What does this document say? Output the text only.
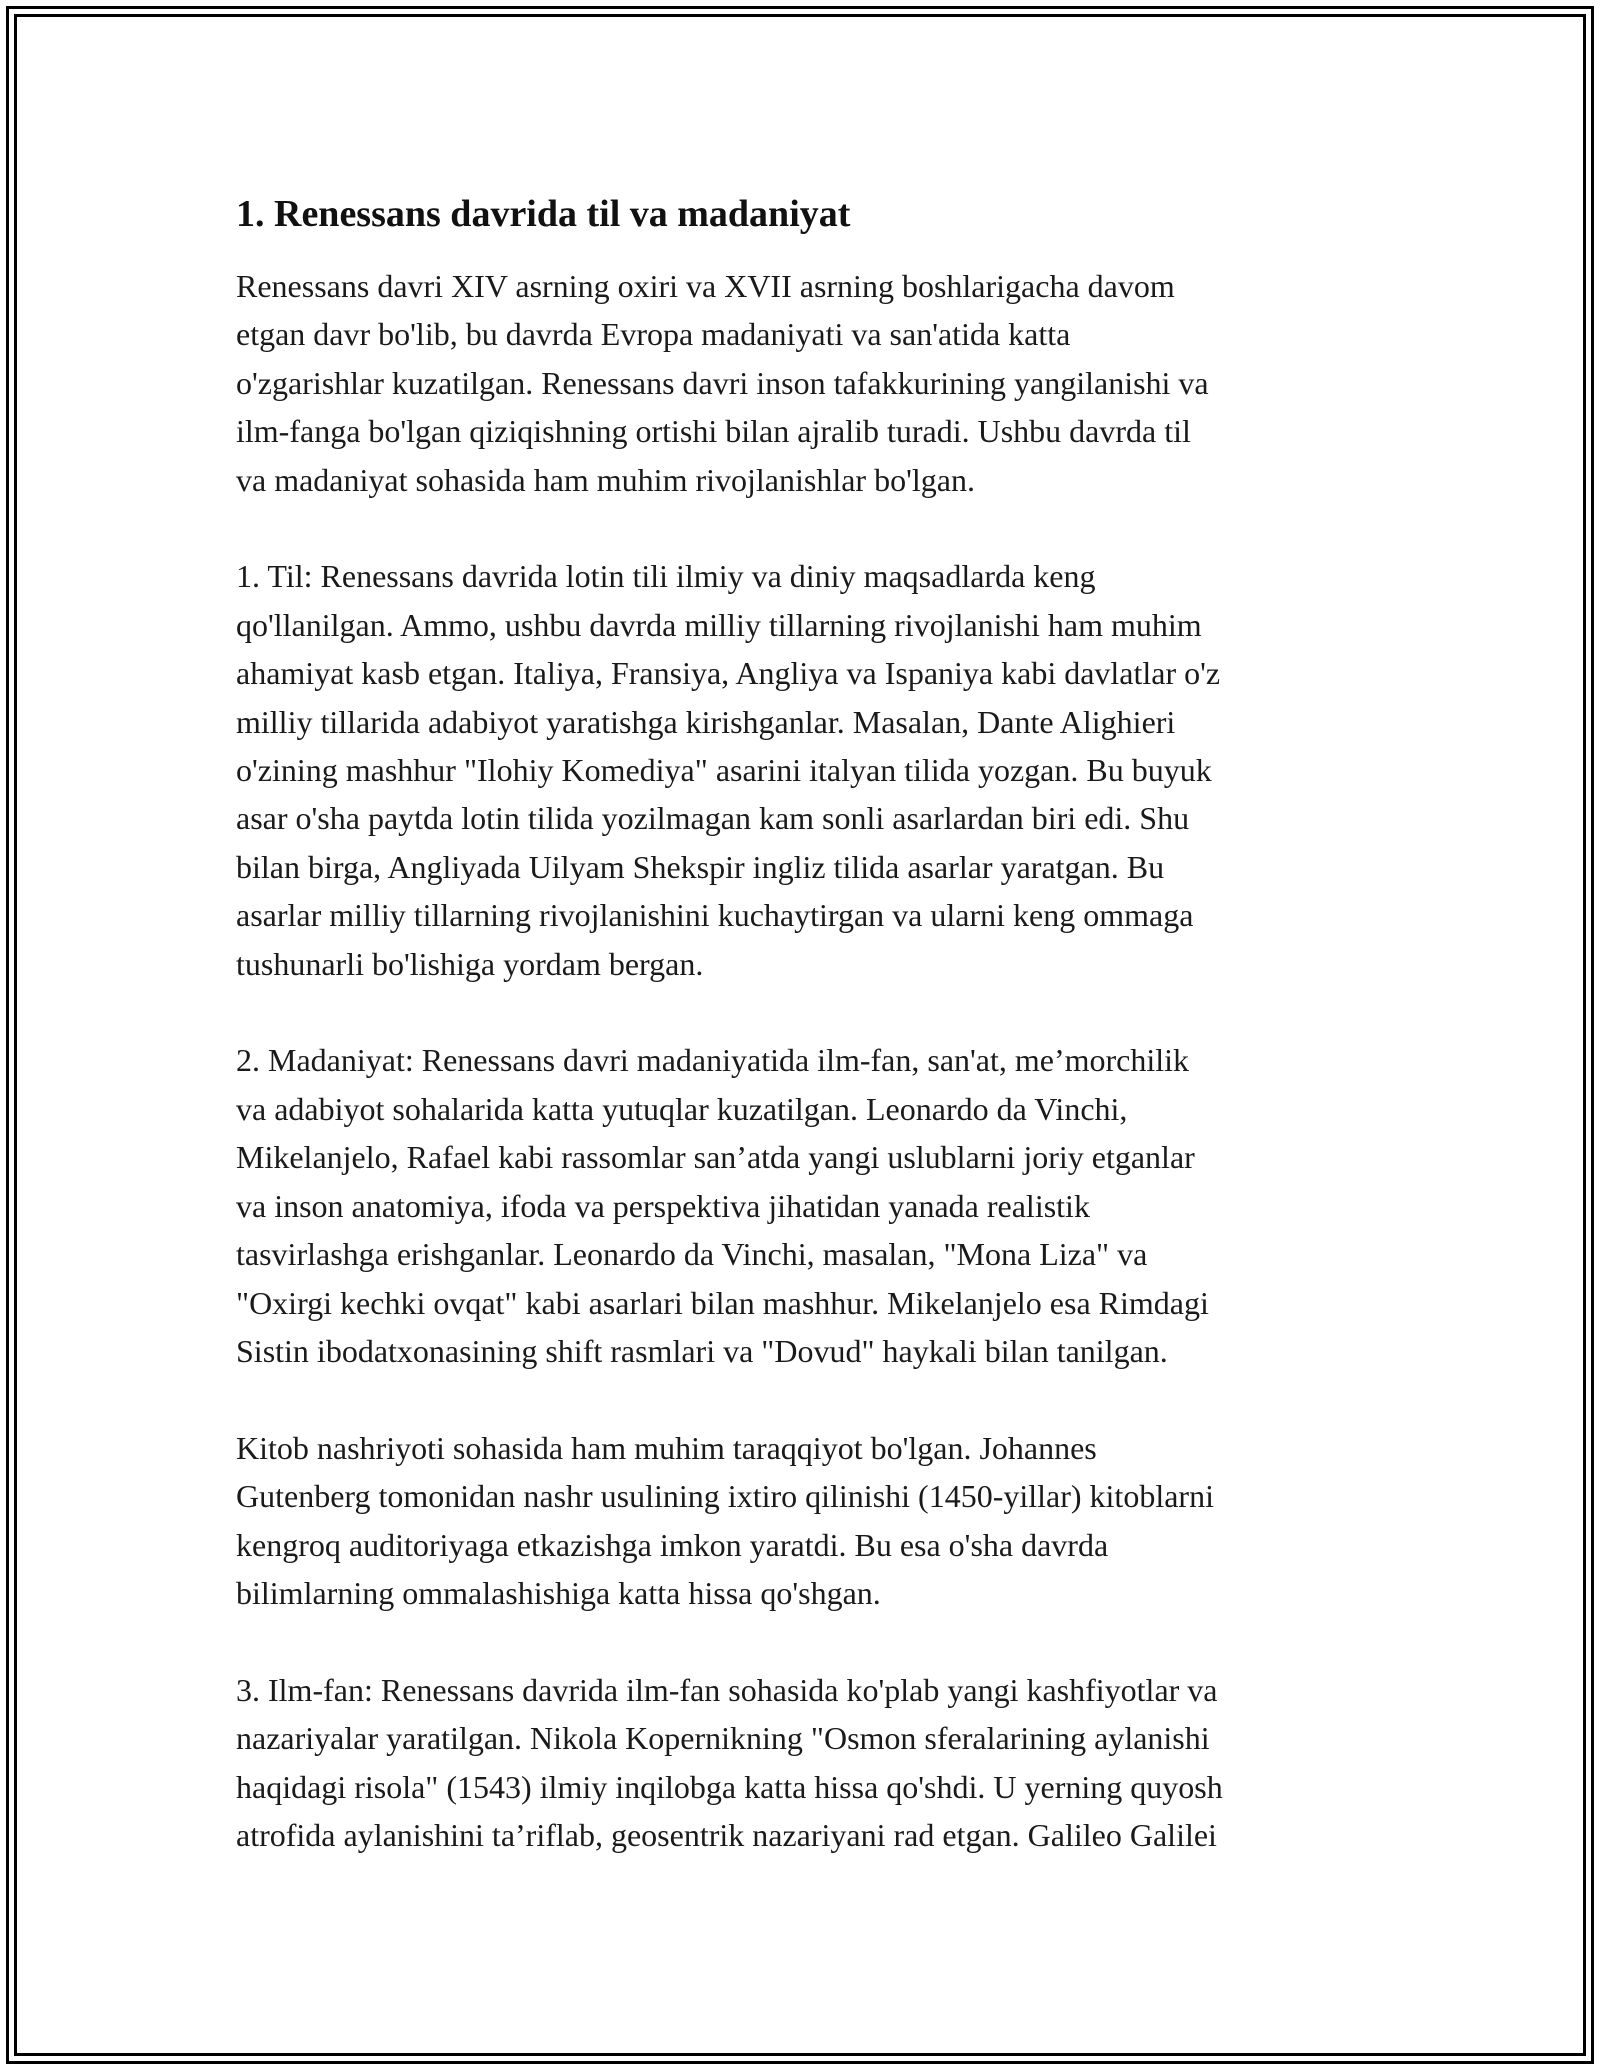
1. Renessans davrida til va madaniyat

Renessans davri XIV asrning oxiri va XVII asrning boshlarigacha davom
etgan davr bo'lib, bu davrda Evropa madaniyati va san'atida katta
o'zgarishlar kuzatilgan. Renessans davri inson tafakkurining yangilanishi va
ilm-fanga bo'lgan qiziqishning ortishi bilan ajralib turadi. Ushbu davrda til
va madaniyat sohasida ham muhim rivojlanishlar bo'lgan.

1. Til: Renessans davrida lotin tili ilmiy va diniy maqsadlarda keng
qo'llanilgan. Ammo, ushbu davrda milliy tillarning rivojlanishi ham muhim
ahamiyat kasb etgan. Italiya, Fransiya, Angliya va Ispaniya kabi davlatlar o'z
milliy tillarida adabiyot yaratishga kirishganlar. Masalan, Dante Alighieri
o'zining mashhur "Ilohiy Komediya" asarini italyan tilida yozgan. Bu buyuk
asar o'sha paytda lotin tilida yozilmagan kam sonli asarlardan biri edi. Shu
bilan birga, Angliyada Uilyam Shekspir ingliz tilida asarlar yaratgan. Bu
asarlar milliy tillarning rivojlanishini kuchaytirgan va ularni keng ommaga
tushunarli bo'lishiga yordam bergan.

2. Madaniyat: Renessans davri madaniyatida ilm-fan, san'at, me’morchilik
va adabiyot sohalarida katta yutuqlar kuzatilgan. Leonardo da Vinchi,
Mikelanjelo, Rafael kabi rassomlar san’atda yangi uslublarni joriy etganlar
va inson anatomiya, ifoda va perspektiva jihatidan yanada realistik
tasvirlashga erishganlar. Leonardo da Vinchi, masalan, "Mona Liza" va
"Oxirgi kechki ovqat" kabi asarlari bilan mashhur. Mikelanjelo esa Rimdagi
Sistin ibodatxonasining shift rasmlari va "Dovud" haykali bilan tanilgan.

Kitob nashriyoti sohasida ham muhim taraqqiyot bo'lgan. Johannes
Gutenberg tomonidan nashr usulining ixtiro qilinishi (1450-yillar) kitoblarni
kengroq auditoriyaga etkazishga imkon yaratdi. Bu esa o'sha davrda
bilimlarning ommalashishiga katta hissa qo'shgan.

3. Ilm-fan: Renessans davrida ilm-fan sohasida ko'plab yangi kashfiyotlar va
nazariyalar yaratilgan. Nikola Kopernikning "Osmon sferalarining aylanishi
haqidagi risola" (1543) ilmiy inqilobga katta hissa qo'shdi. U yerning quyosh
atrofida aylanishini ta’riflab, geosentrik nazariyani rad etgan. Galileo Galilei
